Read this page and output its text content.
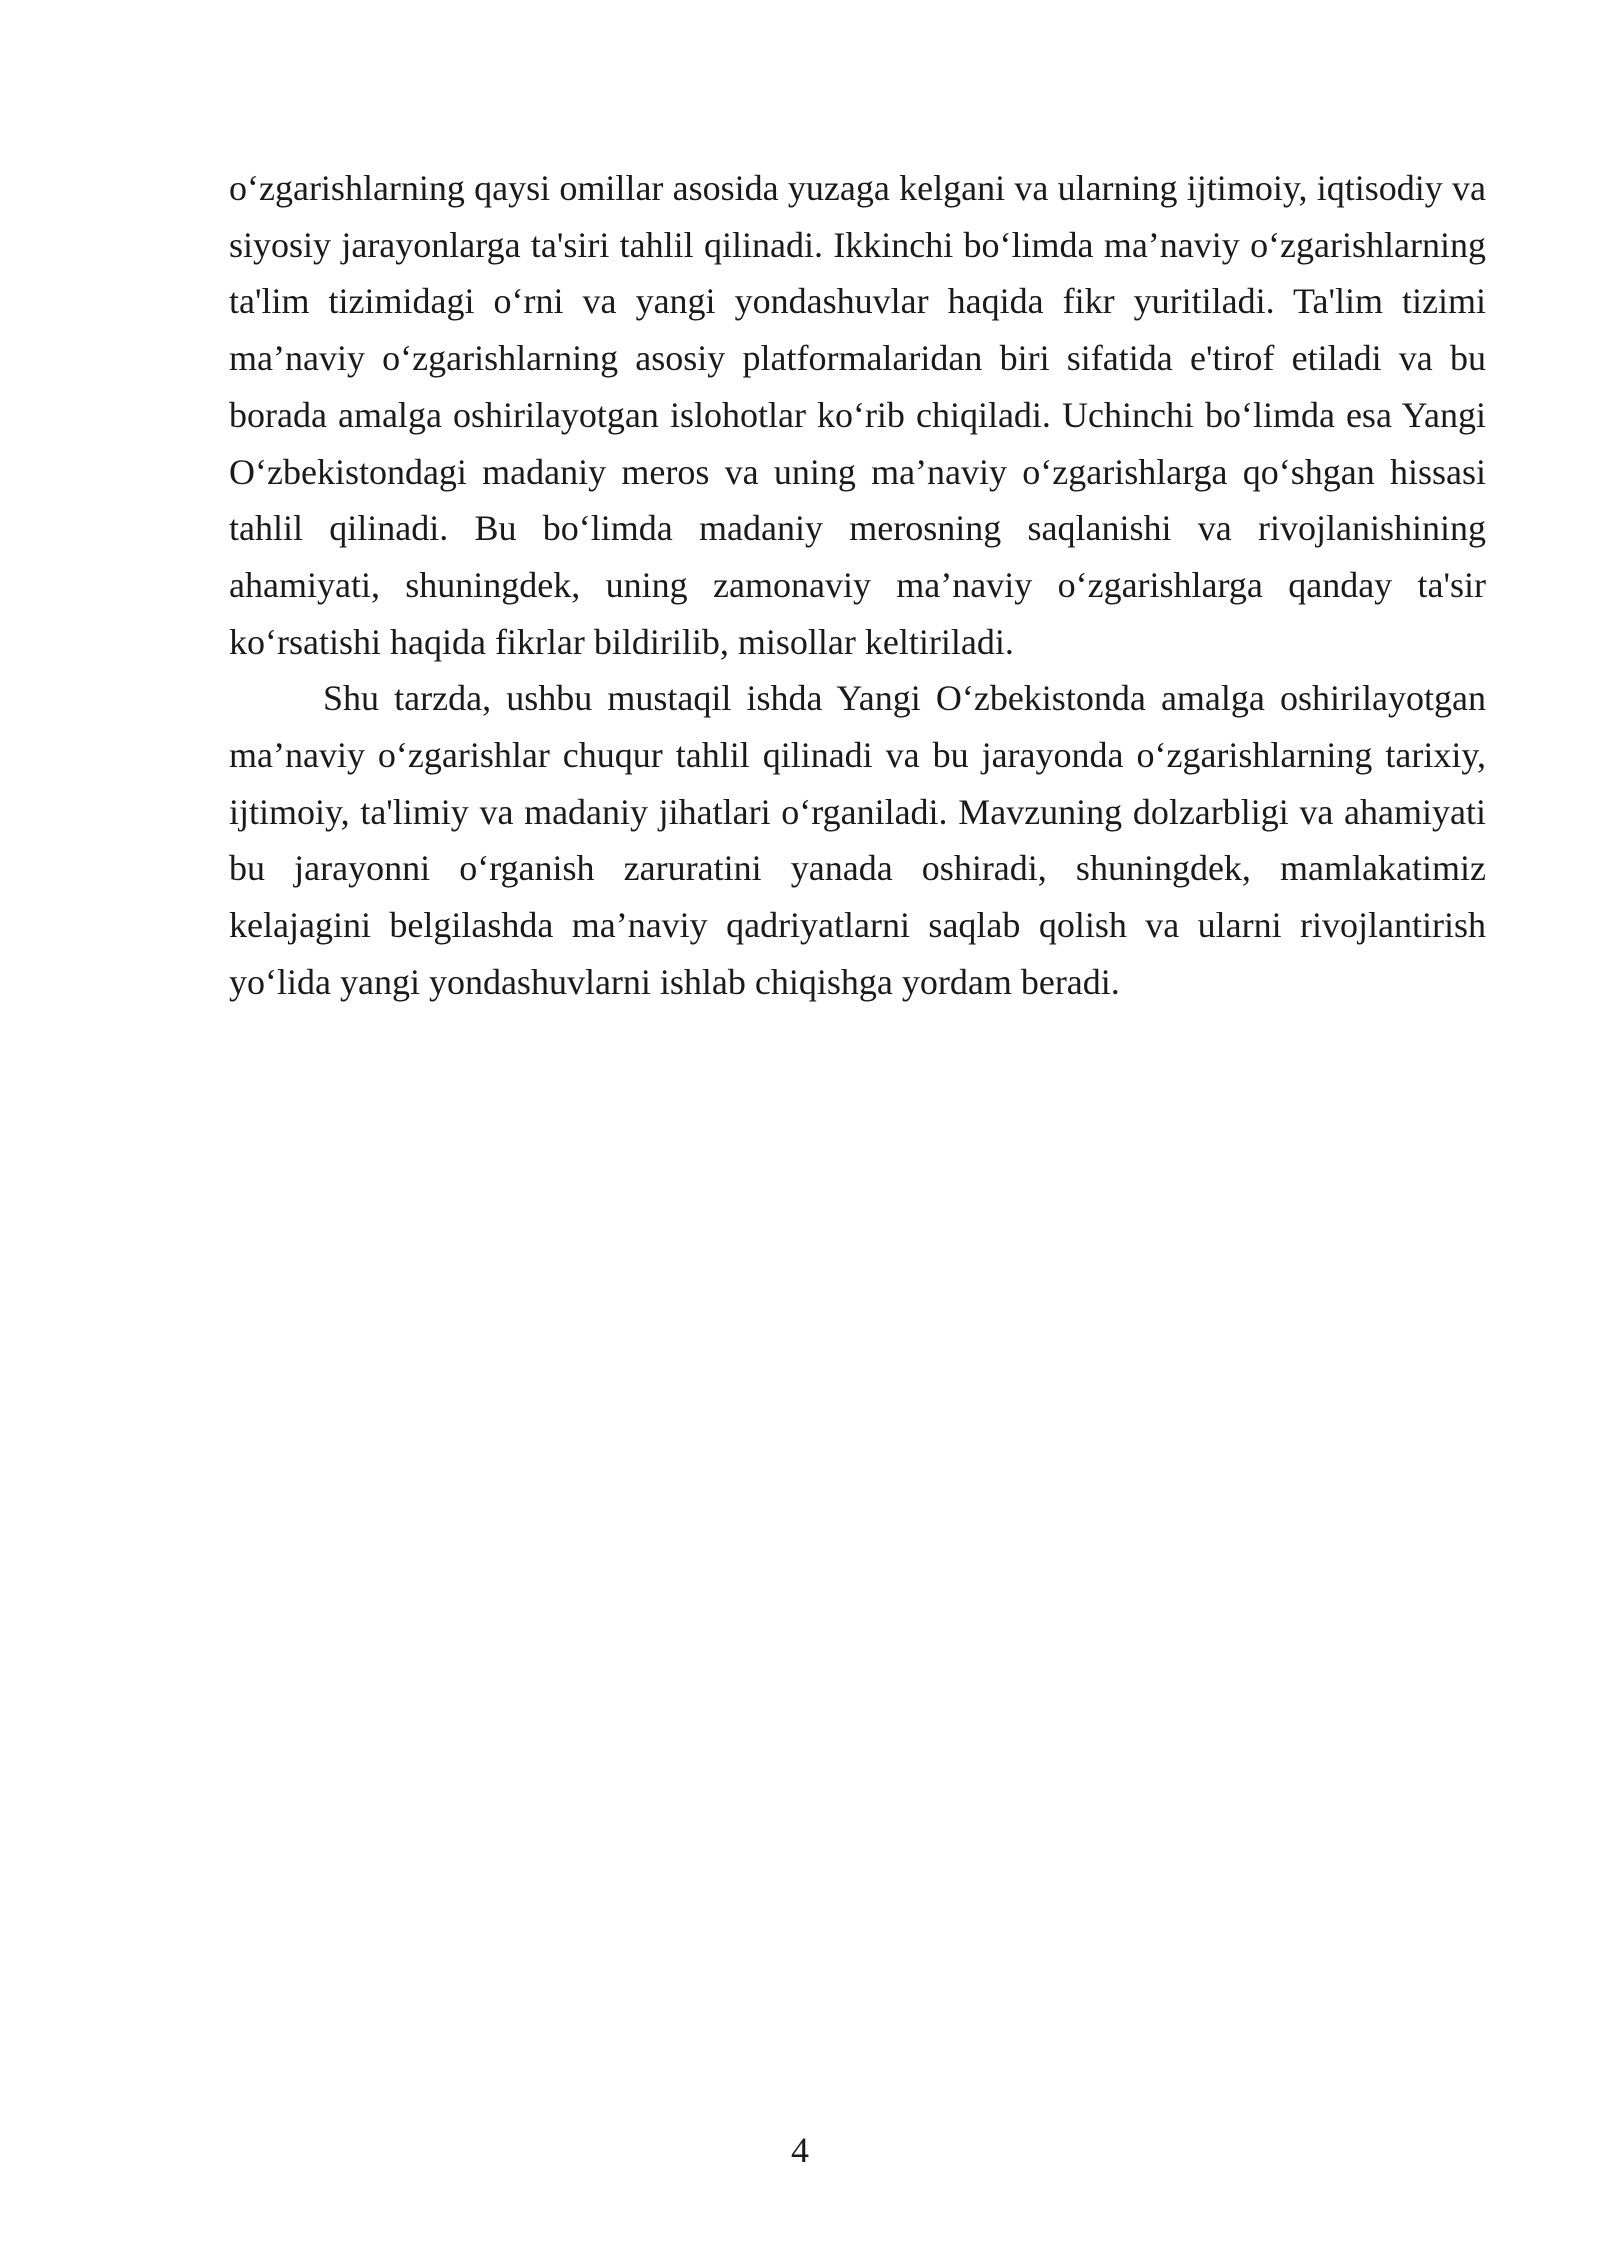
o‘zgarishlarning qaysi omillar asosida yuzaga kelgani va ularning ijtimoiy, iqtisodiy va siyosiy jarayonlarga ta'siri tahlil qilinadi. Ikkinchi bo‘limda ma’naviy o‘zgarishlarning ta'lim tizimidagi o‘rni va yangi yondashuvlar haqida fikr yuritiladi. Ta'lim tizimi ma’naviy o‘zgarishlarning asosiy platformalaridan biri sifatida e'tirof etiladi va bu borada amalga oshirilayotgan islohotlar ko‘rib chiqiladi. Uchinchi bo‘limda esa Yangi O‘zbekistondagi madaniy meros va uning ma’naviy o‘zgarishlarga qo‘shgan hissasi tahlil qilinadi. Bu bo‘limda madaniy merosning saqlanishi va rivojlanishining ahamiyati, shuningdek, uning zamonaviy ma’naviy o‘zgarishlarga qanday ta'sir ko‘rsatishi haqida fikrlar bildirilib, misollar keltiriladi.

Shu tarzda, ushbu mustaqil ishda Yangi O‘zbekistonda amalga oshirilayotgan ma’naviy o‘zgarishlar chuqur tahlil qilinadi va bu jarayonda o‘zgarishlarning tarixiy, ijtimoiy, ta'limiy va madaniy jihatlari o‘rganiladi. Mavzuning dolzarbligi va ahamiyati bu jarayonni o‘rganish zaruratini yanada oshiradi, shuningdek, mamlakatimiz kelajagini belgilashda ma’naviy qadriyatlarni saqlab qolish va ularni rivojlantirish yo‘lida yangi yondashuvlarni ishlab chiqishga yordam beradi.

4
